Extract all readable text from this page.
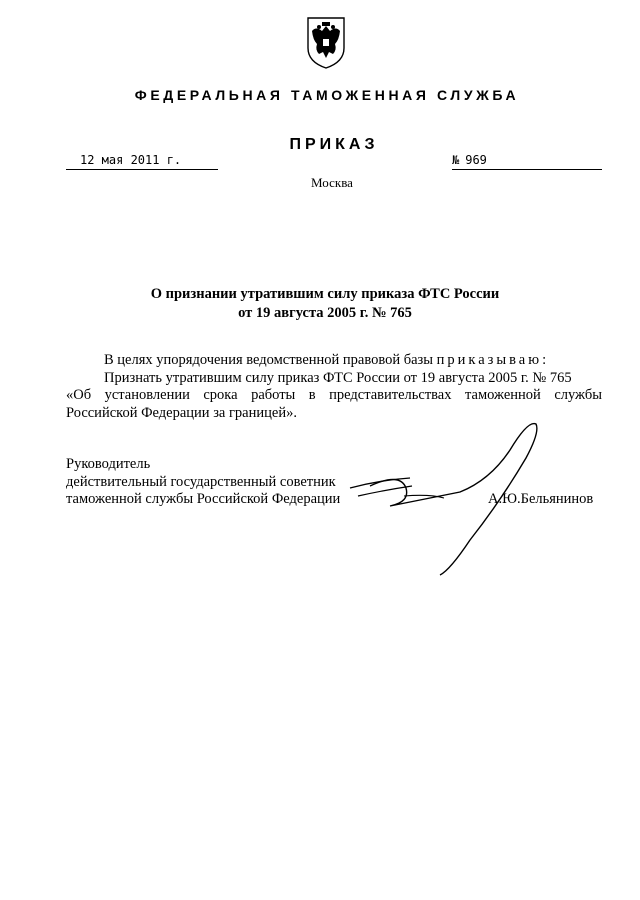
ФЕДЕРАЛЬНАЯ ТАМОЖЕННАЯ СЛУЖБА
ПРИКАЗ
12 мая 2011 г.	№ 969
Москва
О признании утратившим силу приказа ФТС России
от 19 августа 2005 г. № 765

В целях упорядочения ведомственной правовой базы приказываю:

Признать утратившим силу приказ ФТС России от 19 августа 2005 г. № 765

«Об установлении срока работы в представительствах таможенной службы

Российской Федерации за границей».

Руководитель
действительный государственный советник
таможенной службы Российской Федерации	А.Ю.Бельянинов
